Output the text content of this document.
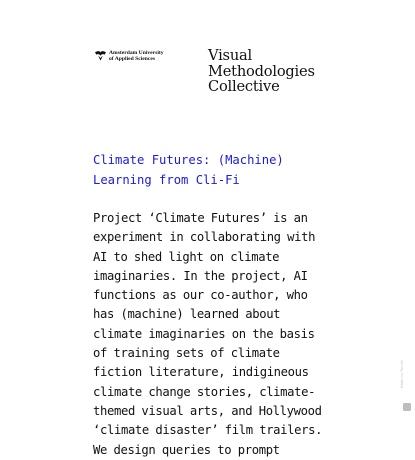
Amsterdam University
of Applied Sciences	Visual
Methodologies
Collective
Climate Futures: (Machine) Learning from Cli-Fi

Project ‘Climate Futures’ is an experiment in collaborating with AI to shed light on climate imaginaries. In the project, AI functions as our co-author, who has (machine) learned about climate imaginaries on the basis of training sets of climate fiction literature, indigineous climate change stories, climate-themed visual arts, and Hollywood ‘climate disaster’ film trailers. We design queries to prompt

Made on Tumblr
